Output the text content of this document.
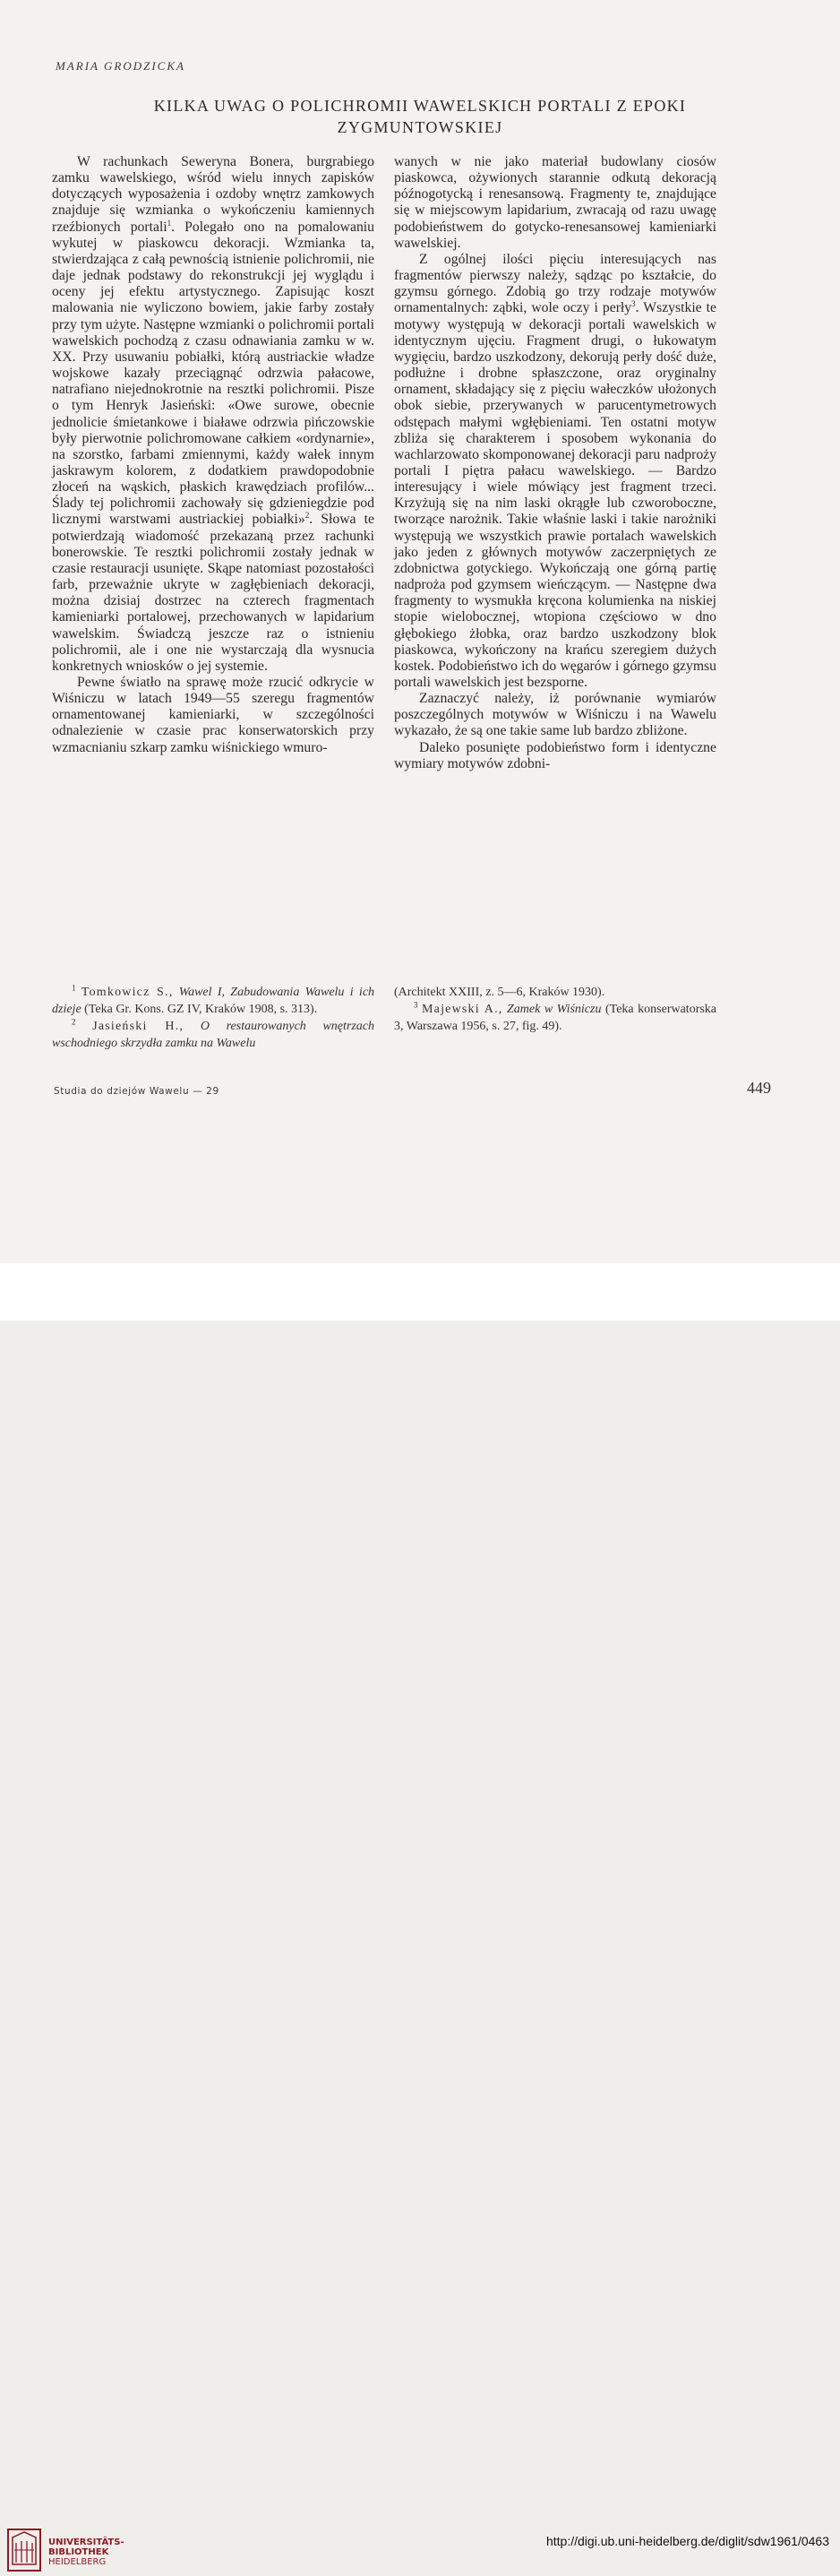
MARIA GRODZICKA
KILKA UWAG O POLICHROMII WAWELSKICH PORTALI Z EPOKI
ZYGMUNTOWSKIEJ

W rachunkach Seweryna Bonera, burgrabiego zamku wawelskiego, wśród wielu innych zapisków dotyczących wyposażenia i ozdoby wnętrz zamkowych znajduje się wzmianka o wykończeniu kamiennych rzeźbionych portali$^1$. Polegało ono na pomalowaniu wykutej w piaskowcu dekoracji. Wzmianka ta, stwierdzająca z całą pewnością istnienie polichromii, nie daje jednak podstawy do rekonstrukcji jej wyglądu i oceny jej efektu artystycznego. Zapisując koszt malowania nie wyliczono bowiem, jakie farby zostały przy tym użyte. Następne wzmianki o polichromii portali wawelskich pochodzą z czasu odnawiania zamku w w. XX. Przy usuwaniu pobiałki, którą austriackie władze wojskowe kazały przeciągnąć odrzwia pałacowe, natrafiano niejednokrotnie na resztki polichromii. Pisze o tym Henryk Jasieński: «Owe surowe, obecnie jednolicie śmietankowe i białawe odrzwia pińczowskie były pierwotnie polichromowane całkiem «ordynarnie», na szorstko, farbami zmiennymi, każdy wałek innym jaskrawym kolorem, z dodatkiem prawdopodobnie złoceń na wąskich, płaskich krawędziach profilów... Ślady tej polichromii zachowały się gdzieniegdzie pod licznymi warstwami austriackiej pobiałki»$^2$. Słowa te potwierdzają wiadomość przekazaną przez rachunki bonerowskie. Te resztki polichromii zostały jednak w czasie restauracji usunięte. Skąpe natomiast pozostałości farb, przeważnie ukryte w zagłębieniach dekoracji, można dzisiaj dostrzec na czterech fragmentach kamieniarki portalowej, przechowanych w lapidarium wawelskim. Świadczą jeszcze raz o istnieniu polichromii, ale i one nie wystarczają dla wysnucia konkretnych wniosków o jej systemie.

Pewne światło na sprawę może rzucić odkrycie w Wiśniczu w latach 1949—55 szeregu fragmentów ornamentowanej kamieniarki, w szczególności odnalezienie w czasie prac konserwatorskich przy wzmacnianiu szkarp zamku wiśnickiego wmuro-

wanych w nie jako materiał budowlany ciosów piaskowca, ożywionych starannie odkutą dekoracją późnogotycką i renesansową. Fragmenty te, znajdujące się w miejscowym lapidarium, zwracają od razu uwagę podobieństwem do gotycko-renesansowej kamieniarki wawelskiej.

Z ogólnej ilości pięciu interesujących nas fragmentów pierwszy należy, sądząc po kształcie, do gzymsu górnego. Zdobią go trzy rodzaje motywów ornamentalnych: ząbki, wole oczy i perły$^3$. Wszystkie te motywy występują w dekoracji portali wawelskich w identycznym ujęciu. Fragment drugi, o łukowatym wygięciu, bardzo uszkodzony, dekorują perły dość duże, podłużne i drobne spłaszczone, oraz oryginalny ornament, składający się z pięciu wałeczków ułożonych obok siebie, przerywanych w parucentymetrowych odstępach małymi wgłębieniami. Ten ostatni motyw zbliża się charakterem i sposobem wykonania do wachlarzowato skomponowanej dekoracji paru nadproży portali I piętra pałacu wawelskiego. — Bardzo interesujący i wiele mówiący jest fragment trzeci. Krzyżują się na nim laski okrągłe lub czworoboczne, tworzące narożnik. Takie właśnie laski i takie narożniki występują we wszystkich prawie portalach wawelskich jako jeden z głównych motywów zaczerpniętych ze zdobnictwa gotyckiego. Wykończają one górną partię nadproża pod gzymsem wieńczącym. — Następne dwa fragmenty to wysmukła kręcona kolumienka na niskiej stopie wielobocznej, wtopiona częściowo w dno głębokiego żłobka, oraz bardzo uszkodzony blok piaskowca, wykończony na krańcu szeregiem dużych kostek. Podobieństwo ich do węgarów i górnego gzymsu portali wawelskich jest bezsporne.

Zaznaczyć należy, iż porównanie wymiarów poszczególnych motywów w Wiśniczu i na Wawelu wykazało, że są one takie same lub bardzo zbliżone.

Daleko posunięte podobieństwo form i identyczne wymiary motywów zdobni-

$^1$ Tomkowicz S., Wawel I, Zabudowania Wawelu i ich dzieje (Teka Gr. Kons. GZ IV, Kraków 1908, s. 313).

$^2$ Jasieński H., O restaurowanych wnętrzach wschodniego skrzydła zamku na Wawelu

(Architekt XXIII, z. 5—6, Kraków 1930).

$^3$ Majewski A., Zamek w Wiśniczu (Teka konserwatorska 3, Warszawa 1956, s. 27, fig. 49).

Studia do dziejów Wawelu — 29	449
UNIVERSITÄTS-
BIBLIOTHEK
HEIDELBERG
http://digi.ub.uni-heidelberg.de/diglit/sdw1961/0463
